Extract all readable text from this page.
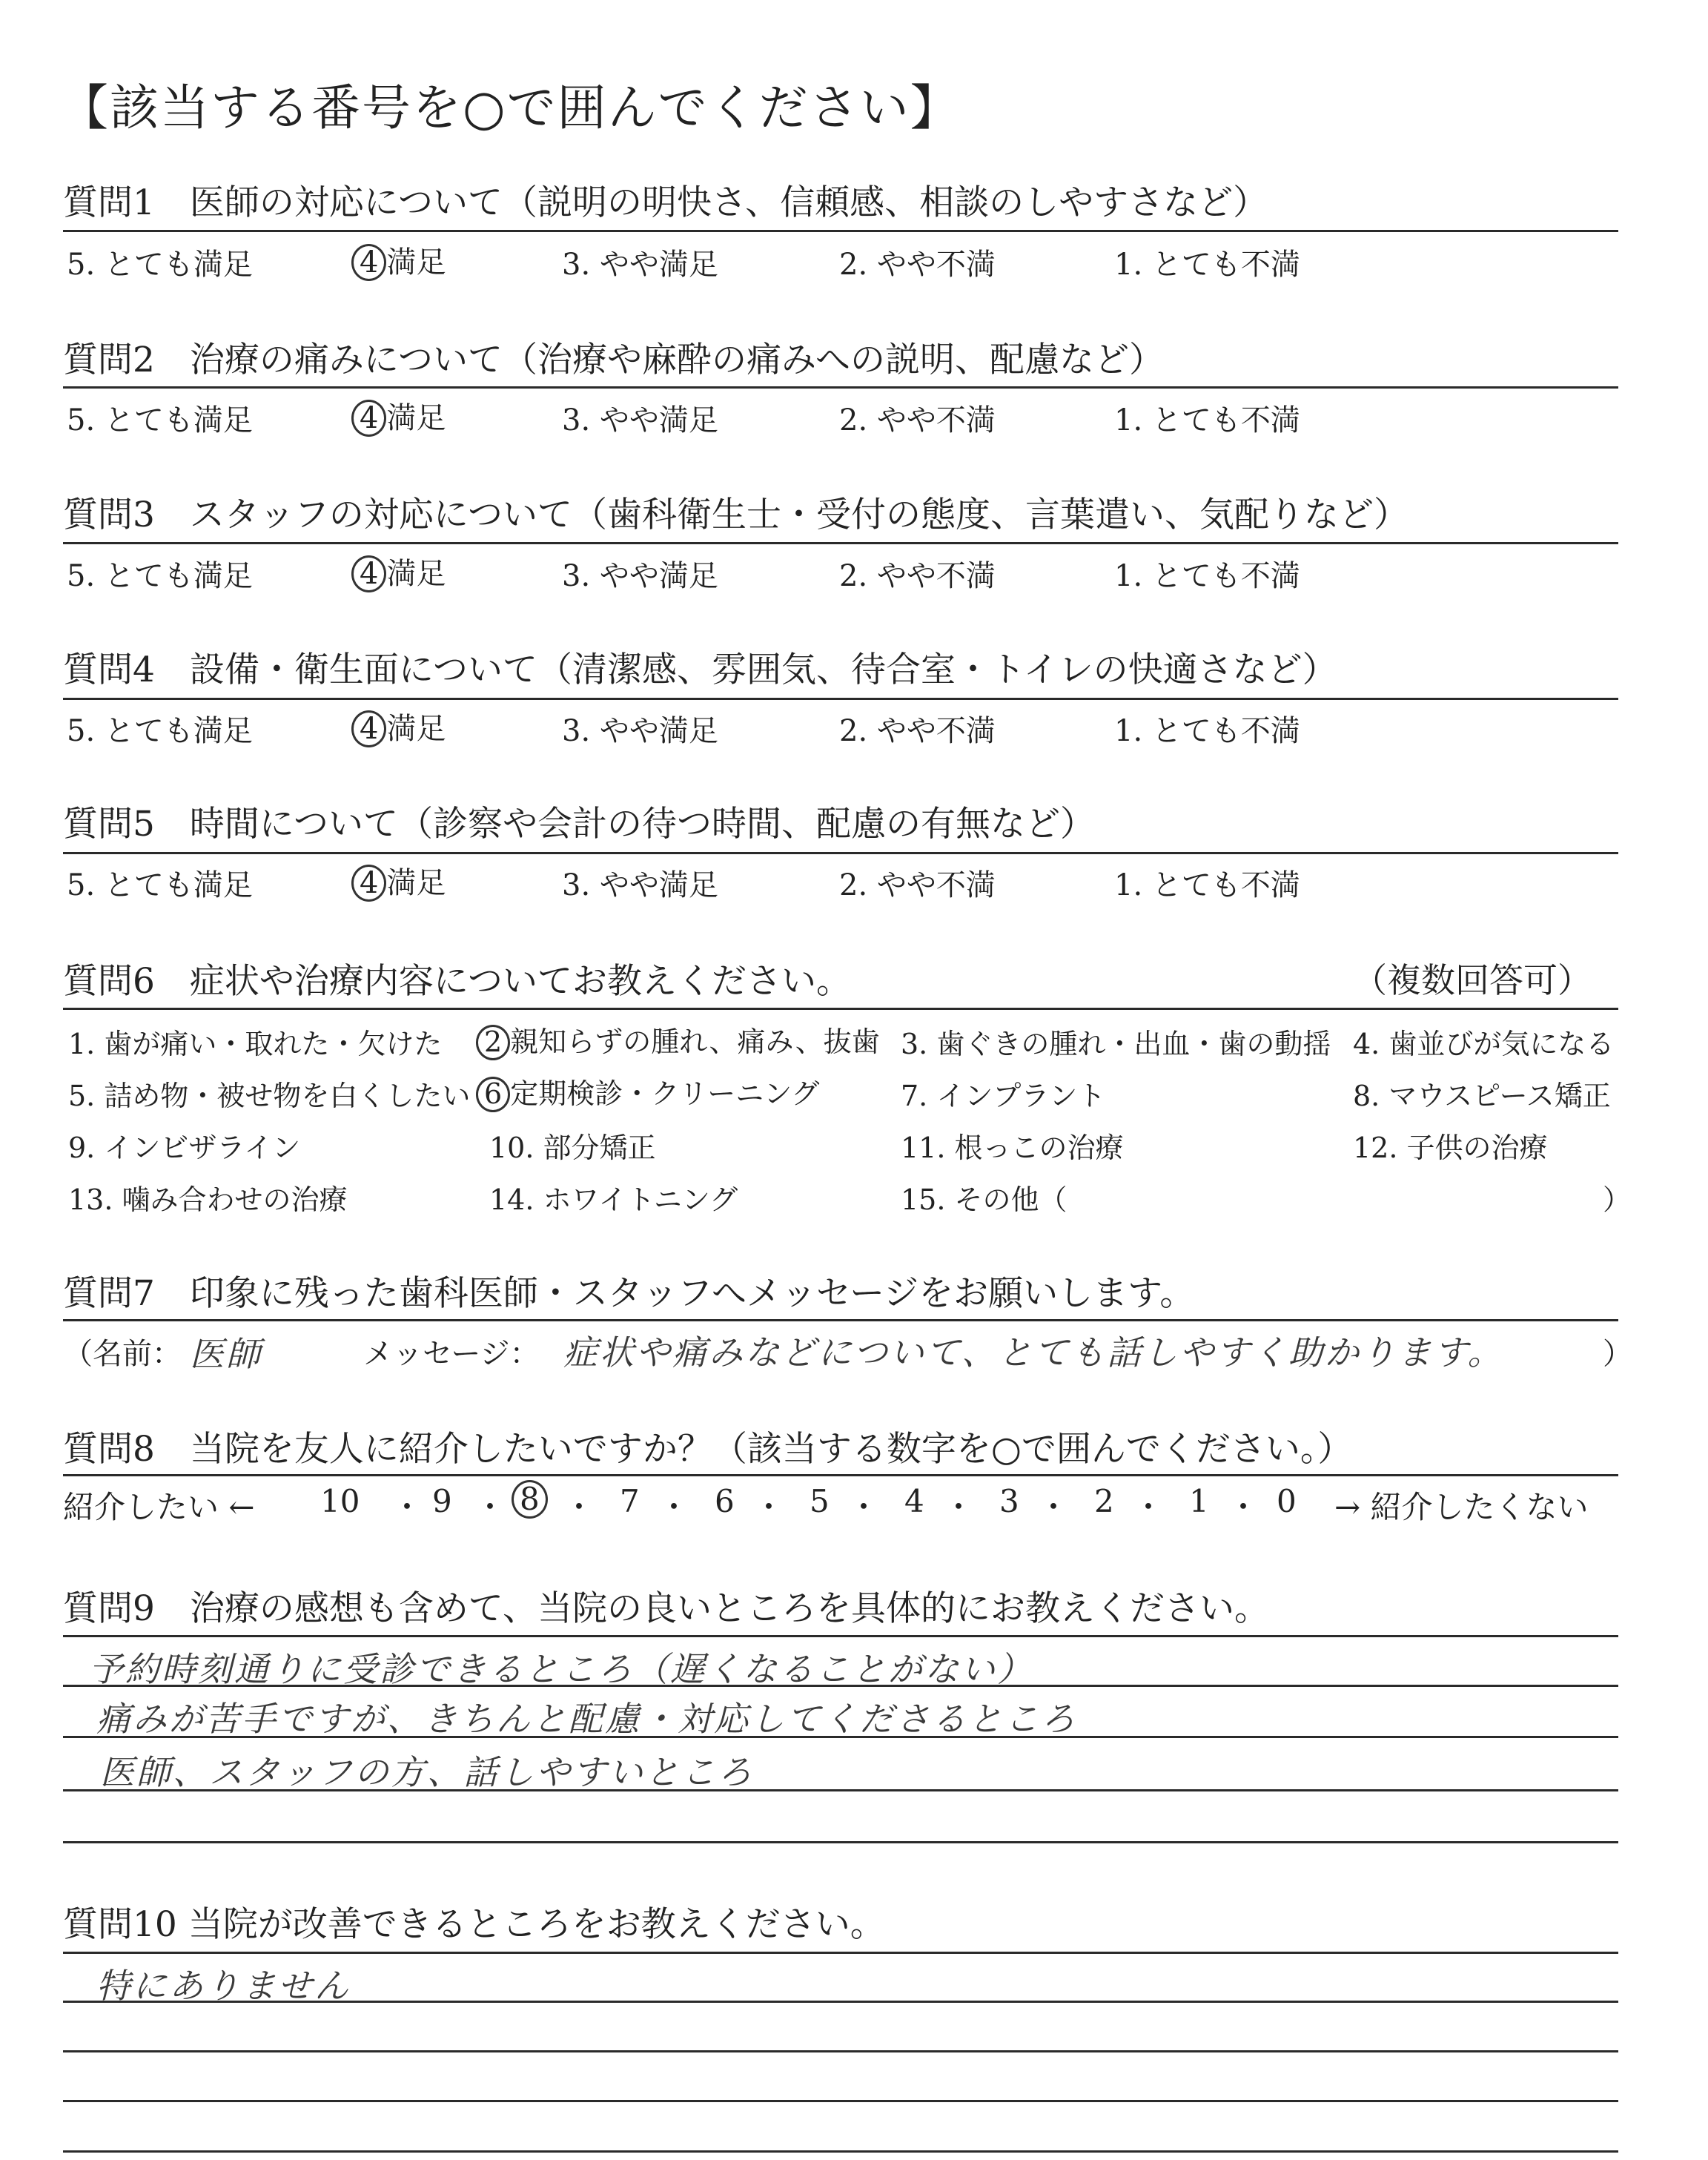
【該当する番号を○で囲んでください】
質問1　医師の対応について（説明の明快さ、信頼感、相談のしやすさなど）
5. とても満足	4 満足	3. やや満足	2. やや不満	1. とても不満
質問2　治療の痛みについて（治療や麻酔の痛みへの説明、配慮など）
5. とても満足	4 満足	3. やや満足	2. やや不満	1. とても不満
質問3　スタッフの対応について（歯科衛生士・受付の態度、言葉遣い、気配りなど）
5. とても満足	4 満足	3. やや満足	2. やや不満	1. とても不満
質問4　設備・衛生面について（清潔感、雰囲気、待合室・トイレの快適さなど）
5. とても満足	4 満足	3. やや満足	2. やや不満	1. とても不満
質問5　時間について（診察や会計の待つ時間、配慮の有無など）
5. とても満足	4 満足	3. やや満足	2. やや不満	1. とても不満
質問6　症状や治療内容についてお教えください。	（複数回答可）
1. 歯が痛い・取れた・欠けた 2 親知らずの腫れ、痛み、抜歯 3. 歯ぐきの腫れ・出血・歯の動揺 4. 歯並びが気になる
5. 詰め物・被せ物を白くしたい 6 定期検診・クリーニング	7. インプラント	8. マウスピース矯正
9. インビザライン	10. 部分矯正	11. 根っこの治療	12. 子供の治療
13. 噛み合わせの治療	14. ホワイトニング	15. その他（	）
質問7　印象に残った歯科医師・スタッフへメッセージをお願いします。
（名前： 医師	メッセージ： 症状や痛みなどについて、とても話しやすく助かります。	）
質問8　当院を友人に紹介したいですか？（該当する数字を○で囲んでください。）
紹介したい ← 10 ・ 9 ・ 8 ・ 7 ・ 6 ・ 5 ・ 4 ・ 3 ・ 2 ・ 1 ・ 0 → 紹介したくない
質問9　治療の感想も含めて、当院の良いところを具体的にお教えください。
予約時刻通りに受診できるところ（遅くなることがない）
痛みが苦手ですが、きちんと配慮・対応してくださるところ
医師、スタッフの方、話しやすいところ
質問10 当院が改善できるところをお教えください。
特にありません
